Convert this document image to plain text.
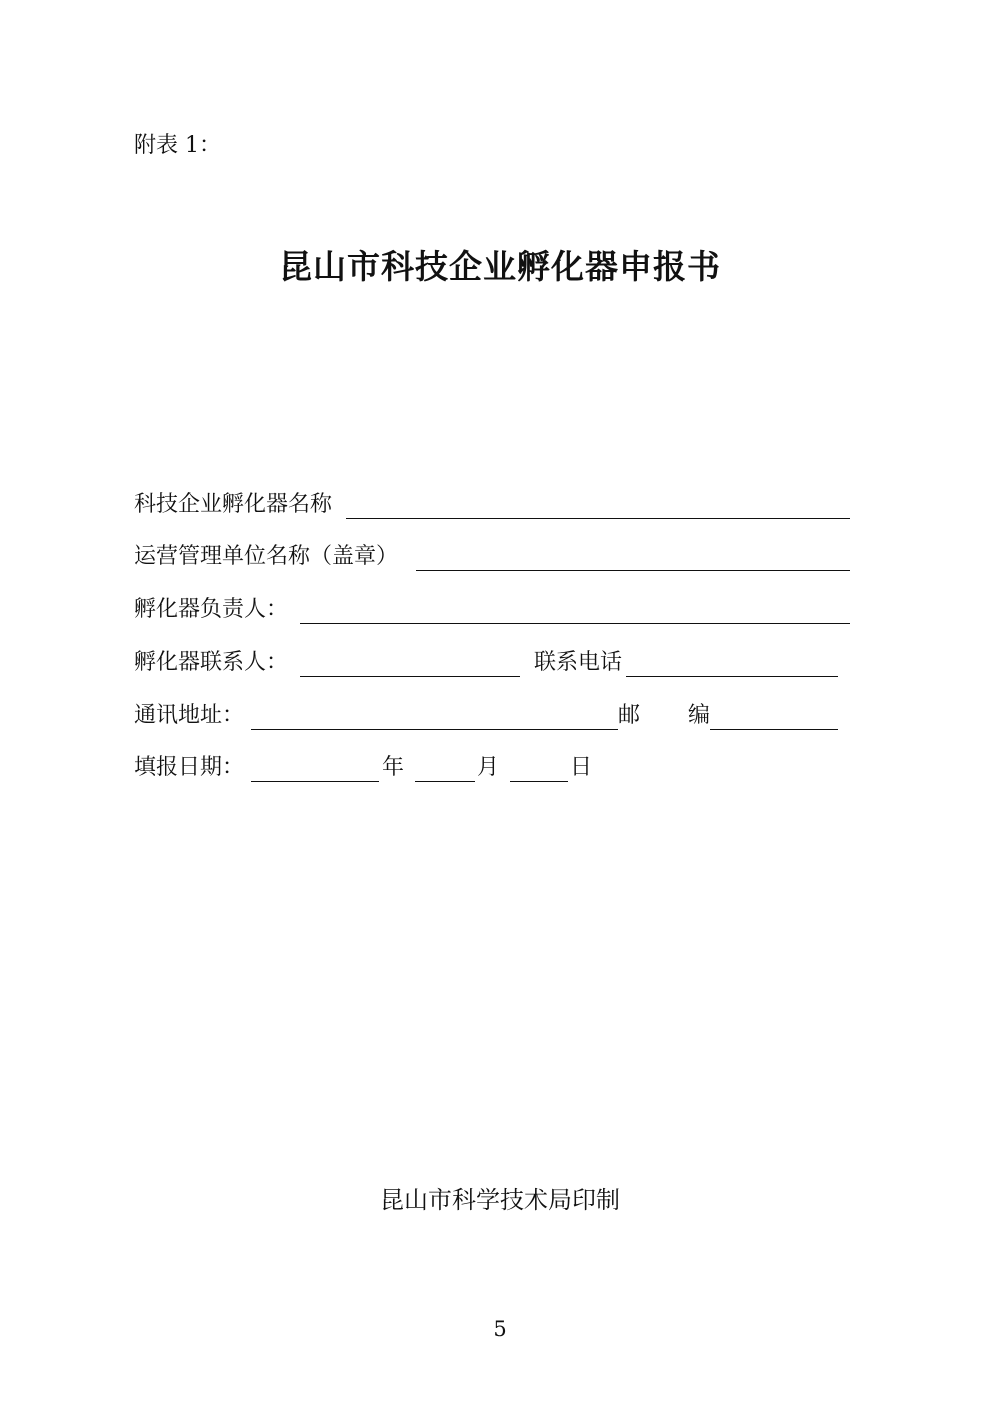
附表 1：
昆山市科技企业孵化器申报书
科技企业孵化器名称
运营管理单位名称（盖章）
孵化器负责人：
孵化器联系人：	联系电话
通讯地址：	邮 编
填报日期：	年	月	日
昆山市科学技术局印制
5
